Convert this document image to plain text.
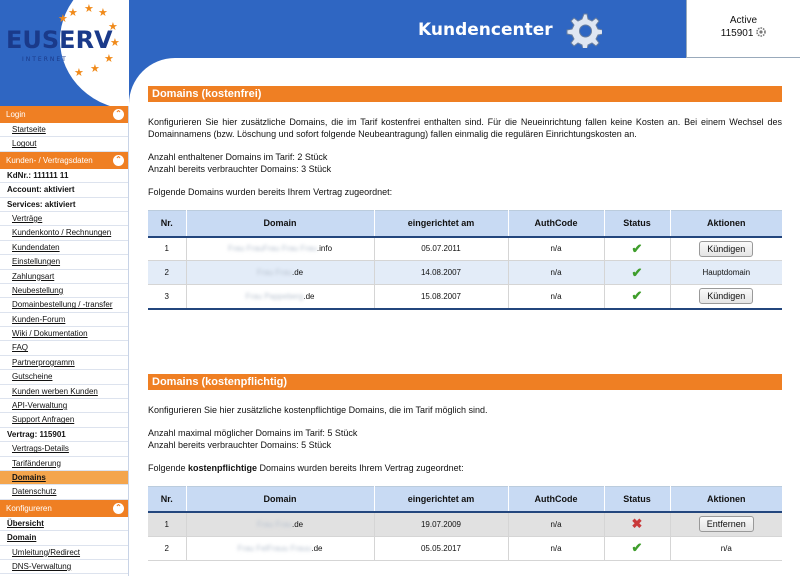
★ ★ ★
★
★
★
★
★
★
EUSERV
INTERNET
Kundencenter	Active
115901
Login	⌃
Startseite
Logout
Kunden- / Vertragsdaten	⌃
KdNr.: 111111 11
Account: aktiviert
Services: aktiviert
Verträge
Kundenkonto / Rechnungen
Kundendaten
Einstellungen
Zahlungsart
Neubestellung
Domainbestellung / -transfer
Kunden-Forum
Wiki / Dokumentation
FAQ
Partnerprogramm
Gutscheine
Kunden werben Kunden
API-Verwaltung
Support Anfragen
Vertrag: 115901
Vertrags-Details
Tarifänderung
Domains
Datenschutz
Konfigureren	⌃
Übersicht
Domain
Umleitung/Redirect
DNS-Verwaltung
Domains (kostenfrei)

Konfigurieren Sie hier zusätzliche Domains, die im Tarif kostenfrei enthalten sind. Für die Neueinrichtung fallen keine Kosten an. Bei einem Wechsel des Domainnamens (bzw. Löschung und sofort folgende Neubeantragung) fallen einmalig die regulären Einrichtungskosten an.

Anzahl enthaltener Domains im Tarif: 2 Stück
Anzahl bereits verbrauchter Domains: 3 Stück

Folgende Domains wurden bereits Ihrem Vertrag zugeordnet:

Nr.	Domain	eingerichtet am	AuthCode	Status	Aktionen
1	Frau FrauFrau Frau Frau.info	05.07.2011	n/a	✔	Kündigen
2	Frau Frau.de	14.08.2007	n/a	✔	Hauptdomain
3	Frau Pappeberg.de	15.08.2007	n/a	✔	Kündigen
Domains (kostenpflichtig)

Konfigurieren Sie hier zusätzliche kostenpflichtige Domains, die im Tarif möglich sind.

Anzahl maximal möglicher Domains im Tarif: 5 Stück
Anzahl bereits verbrauchter Domains: 5 Stück

Folgende kostenpflichtige Domains wurden bereits Ihrem Vertrag zugeordnet:

Nr.	Domain	eingerichtet am	AuthCode	Status	Aktionen
1	Frau Frau.de	19.07.2009	n/a	✖	Entfernen
2	Frau FelFrauu Frauu.de	05.05.2017	n/a	✔	n/a
